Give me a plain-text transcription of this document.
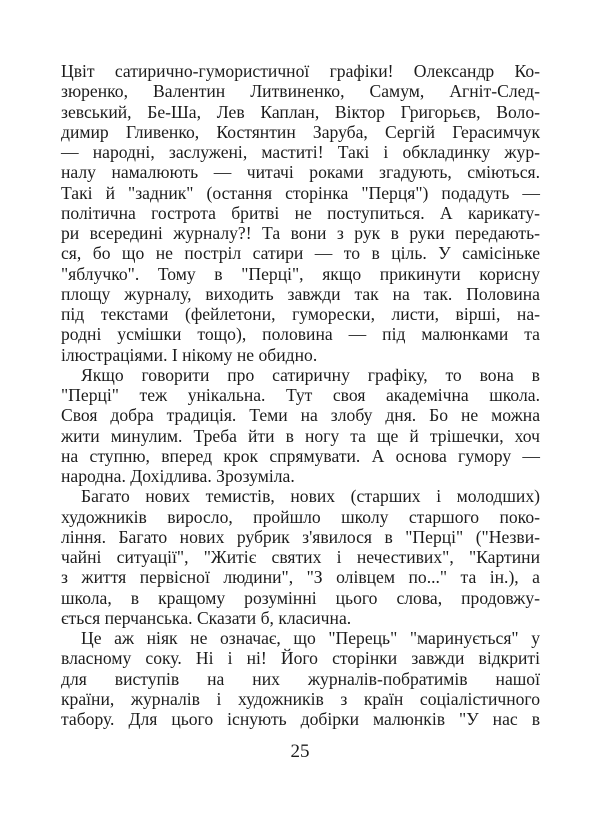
Цвіт сатирично-гумористичної графіки! Олександр Ко-
зюренко, Валентин Литвиненко, Самум, Агніт-След-
зевський, Бе-Ша, Лев Каплан, Віктор Григорьєв, Воло-
димир Гливенко, Костянтин Заруба, Сергій Герасимчук
— народні, заслужені, маститі! Такі і обкладинку жур-
налу намалюють — читачі роками згадують, сміються.
Такі й "задник" (остання сторінка "Перця") подадуть —
політична гострота бритві не поступиться. А карикату-
ри всередині журналу?! Та вони з рук в руки передають-
ся, бо що не постріл сатири — то в ціль. У самісіньке
"яблучко". Тому в "Перці", якщо прикинути корисну
площу журналу, виходить завжди так на так. Половина
під текстами (фейлетони, гуморески, листи, вірші, на-
родні усмішки тощо), половина — під малюнками та
ілюстраціями. І нікому не обидно.
Якщо говорити про сатиричну графіку, то вона в
"Перці" теж унікальна. Тут своя академічна школа.
Своя добра традиція. Теми на злобу дня. Бо не можна
жити минулим. Треба йти в ногу та ще й трішечки, хоч
на ступню, вперед крок спрямувати. А основа гумору —
народна. Дохідлива. Зрозуміла.
Багато нових темистів, нових (старших і молодших)
художників виросло, пройшло школу старшого поко-
ління. Багато нових рубрик з'явилося в "Перці" ("Незви-
чайні ситуації", "Житіє святих і нечестивих", "Картини
з життя первісної людини", "З олівцем по..." та ін.), а
школа, в кращому розумінні цього слова, продовжу-
ється перчанська. Сказати б, класична.
Це аж ніяк не означає, що "Перець" "маринується" у
власному соку. Ні і ні! Його сторінки завжди відкриті
для виступів на них журналів-побратимів нашої
країни, журналів і художників з країн соціалістичного
табору. Для цього існують добірки малюнків "У нас в
25
